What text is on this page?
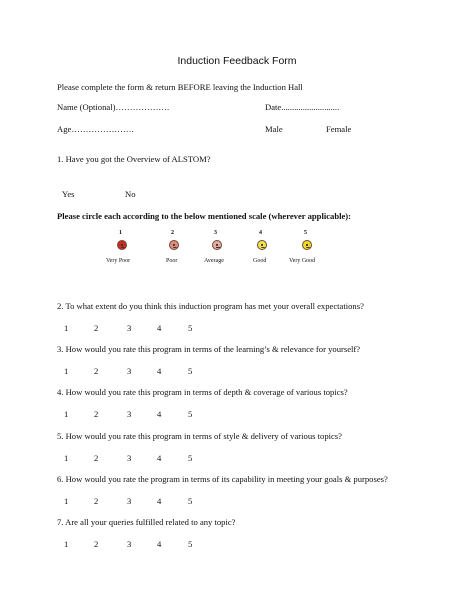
Induction Feedback Form
Please complete the form & return BEFORE leaving the Induction Hall
Name (Optional)……………….	Date...........................
Age………………….	Male	Female
1. Have you got the Overview of ALSTOM?
Yes	No
Please circle each according to the below mentioned scale (wherever applicable):
1
Very Poor
2
Poor
3
Average
4
Good
5
Very Good
2. To what extent do you think this induction program has met your overall expectations?
1	2	3	4	5
3. How would you rate this program in terms of the learning’s & relevance for yourself?
1	2	3	4	5
4. How would you rate this program in terms of depth & coverage of various topics?
1	2	3	4	5
5. How would you rate this program in terms of style & delivery of various topics?
1	2	3	4	5
6. How would you rate the program in terms of its capability in meeting your goals & purposes?
1	2	3	4	5
7. Are all your queries fulfilled related to any topic?
1	2	3	4	5
